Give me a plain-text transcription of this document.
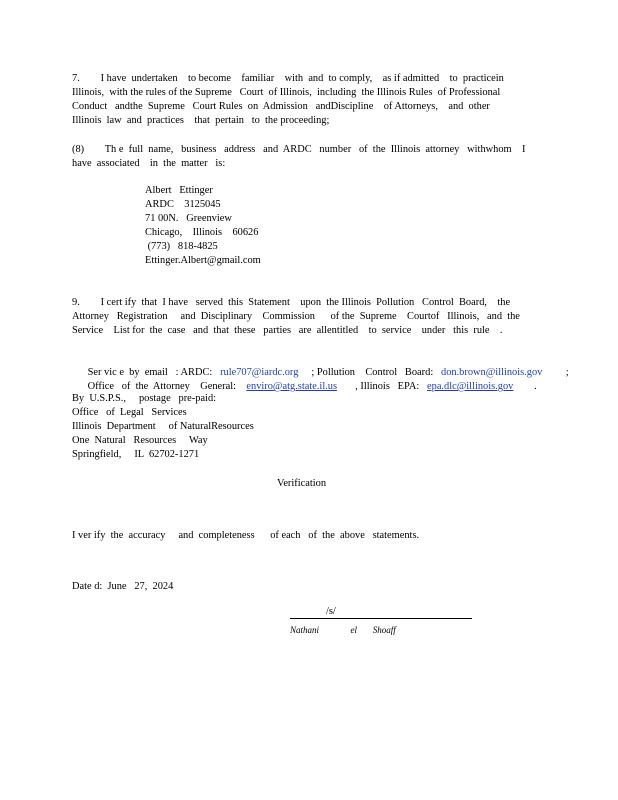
7.        I have  undertaken    to become    familiar    with  and  to comply,    as if admitted    to  practicein
Illinois,  with the rules of the Supreme   Court  of Illinois,  including  the Illinois Rules  of Professional
Conduct   andthe  Supreme   Court Rules  on  Admission   andDiscipline    of Attorneys,    and  other
Illinois  law  and  practices    that  pertain   to  the proceeding;
(8)        Th e  full  name,   business   address   and  ARDC   number   of  the  Illinois  attorney   withwhom    I
have  associated    in  the  matter   is:
Albert   Ettinger
ARDC    3125045
71 00N.   Greenview
Chicago,    Illinois    60626
(773)   818-4825
Ettinger.Albert@gmail.com
9.        I cert ify  that  I have   served  this  Statement    upon  the Illinois  Pollution   Control  Board,    the
Attorney   Registration     and  Disciplinary    Commission      of the  Supreme    Courtof   Illinois,   and  the
Service    List for  the  case   and  that  these   parties   are  allentitled    to  service    under   this  rule    .

Ser vic e  by  email   : ARDC:   rule707@iardc.org     ; Pollution    Control   Board:   don.brown@illinois.gov         ;

Office   of  the  Attorney    General:    enviro@atg.state.il.us       , Illinois   EPA:   epa.dlc@illinois.gov        .

By  U.S.P.S.,     postage   pre-paid:
Office   of  Legal   Services
Illinois  Department     of NaturalResources
One  Natural   Resources     Way
Springfield,     IL  62702-1271
Verification
I ver ify  the  accuracy     and  completeness      of each   of  the  above   statements.
Date d:  June   27,  2024
/s/
Nathani      el   Shoaff
